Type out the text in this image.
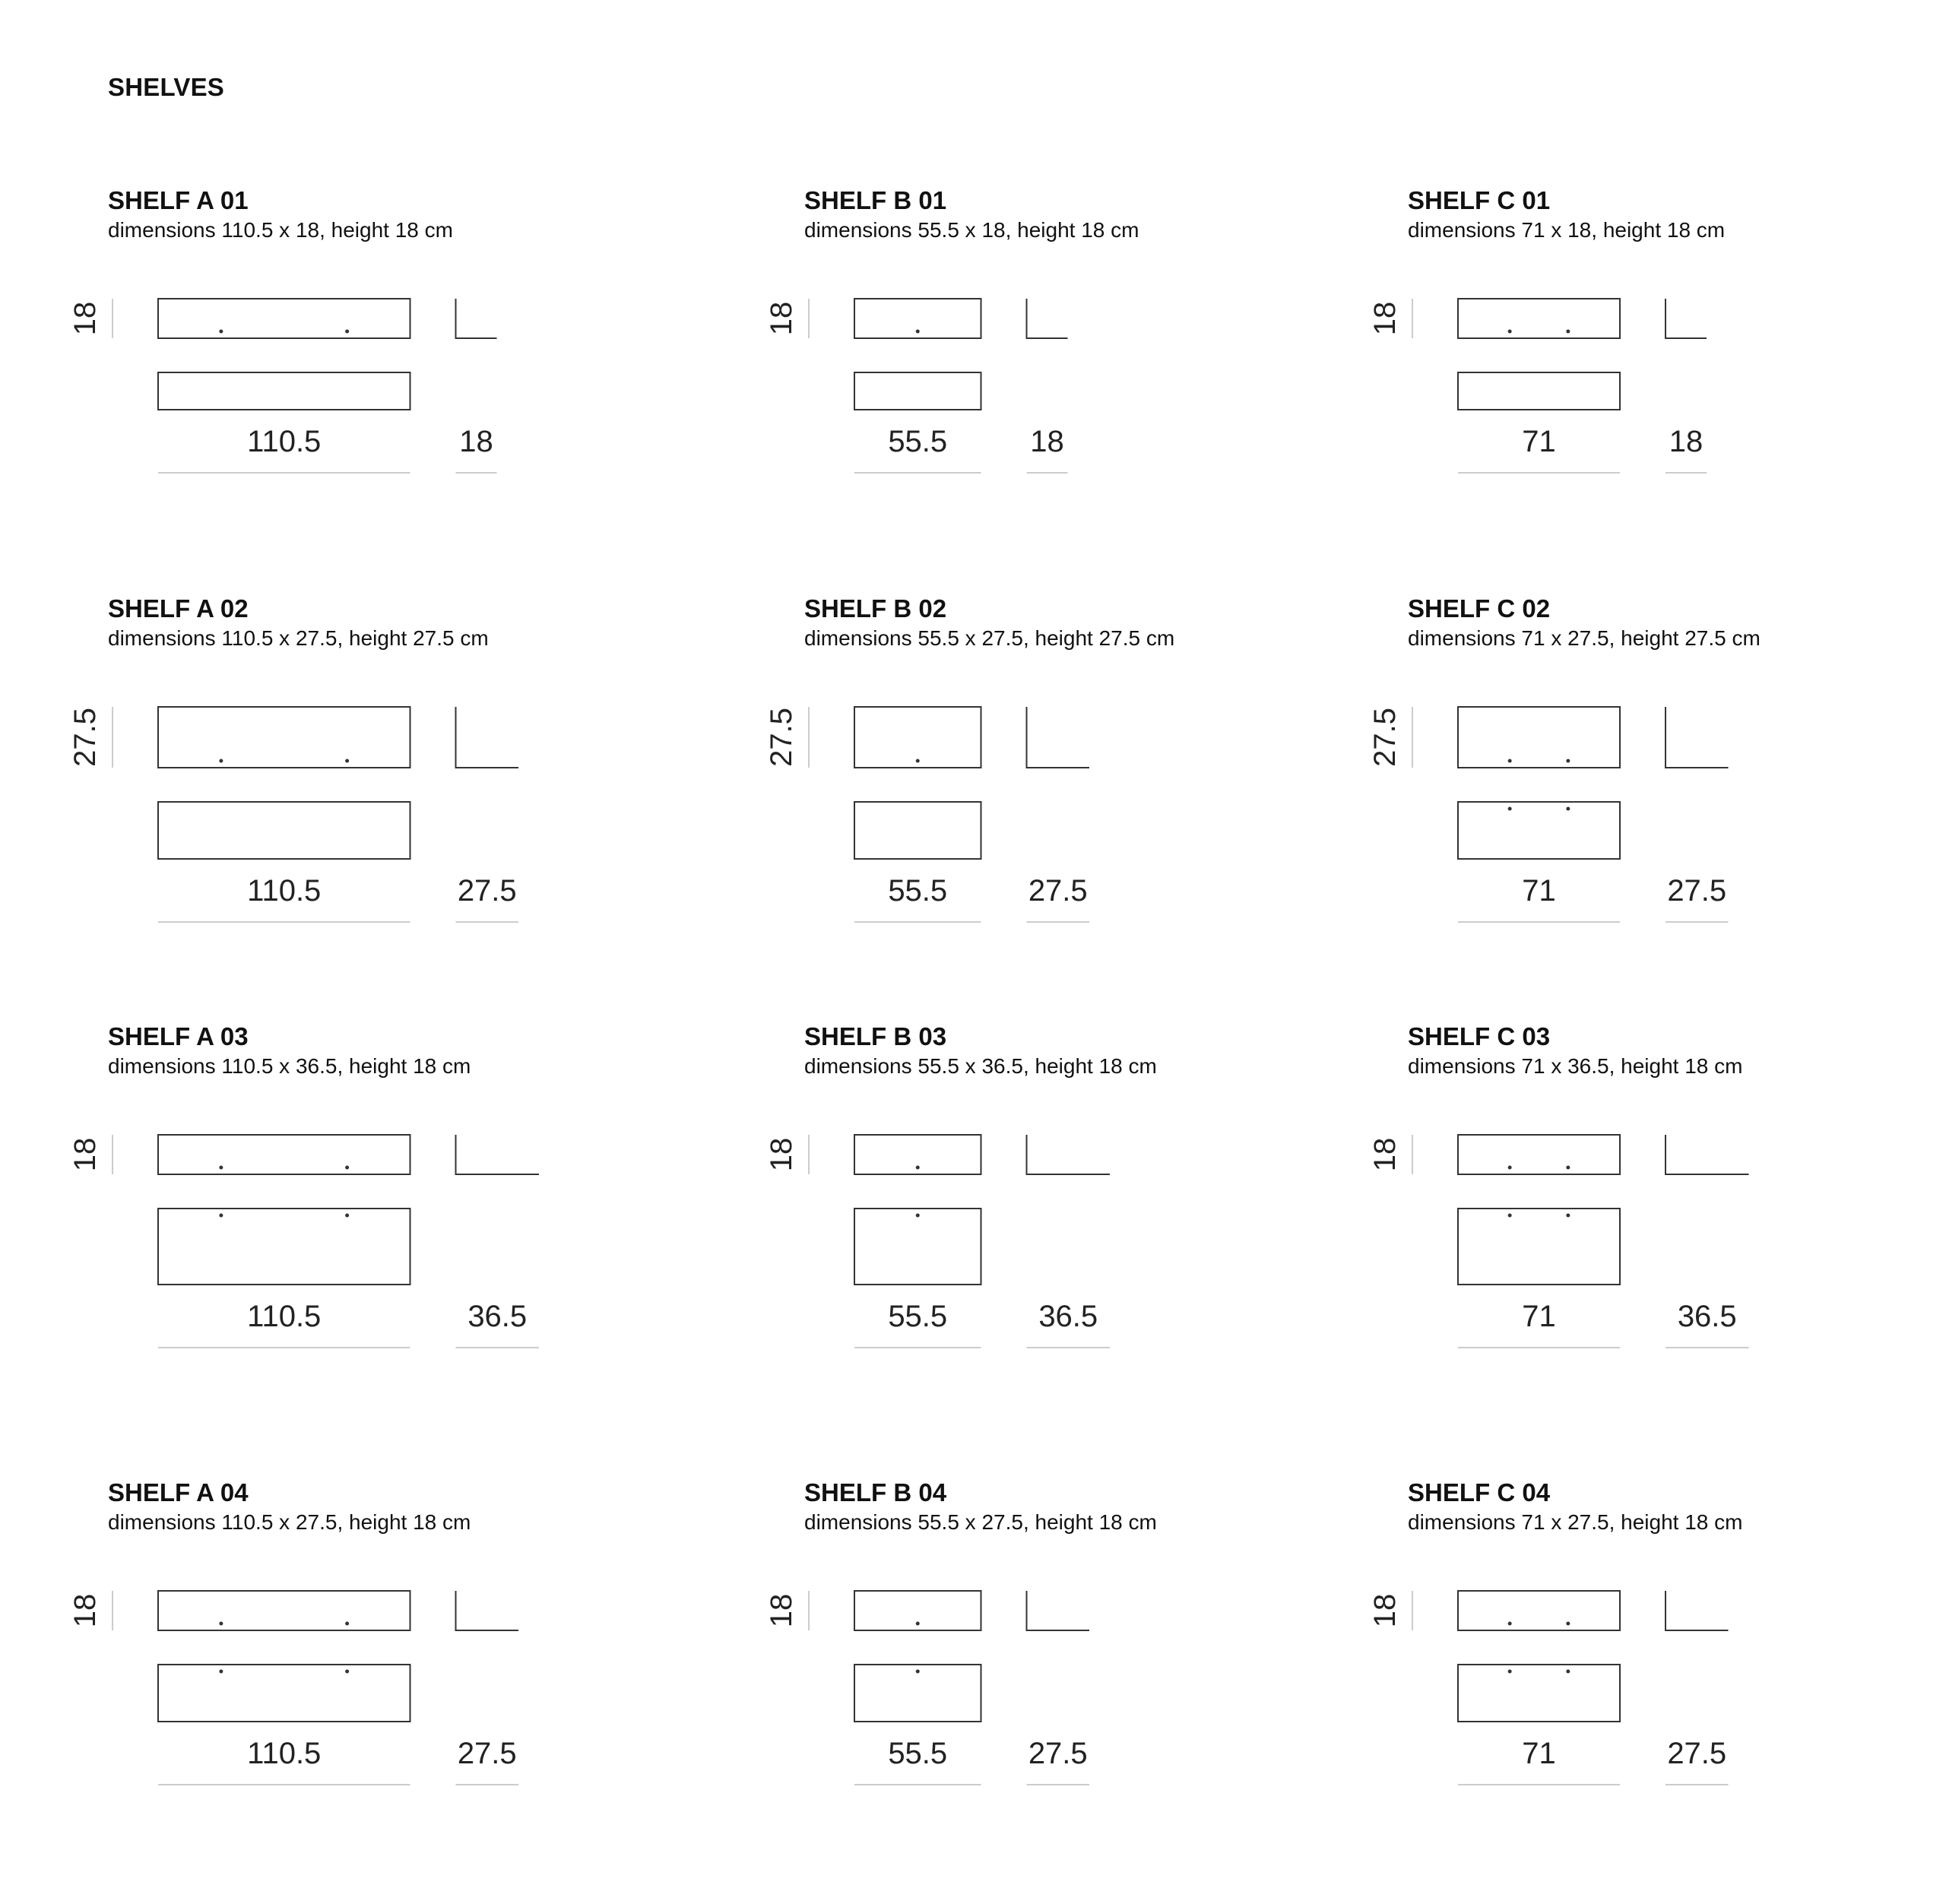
SHELVES
SHELF A 01
dimensions 110.5 x 18, height 18 cm
18
110.5	18
SHELF B 01
dimensions 55.5 x 18, height 18 cm
18
55.5	18
SHELF C 01
dimensions 71 x 18, height 18 cm
18
71	18
SHELF A 02
dimensions 110.5 x 27.5, height 27.5 cm
27.5
110.5	27.5
SHELF B 02
dimensions 55.5 x 27.5, height 27.5 cm
27.5
55.5	27.5
SHELF C 02
dimensions 71 x 27.5, height 27.5 cm
27.5
71	27.5
SHELF A 03
dimensions 110.5 x 36.5, height 18 cm
18
110.5	36.5
SHELF B 03
dimensions 55.5 x 36.5, height 18 cm
18
55.5	36.5
SHELF C 03
dimensions 71 x 36.5, height 18 cm
18
71	36.5
SHELF A 04
dimensions 110.5 x 27.5, height 18 cm
18
110.5	27.5
SHELF B 04
dimensions 55.5 x 27.5, height 18 cm
18
55.5	27.5
SHELF C 04
dimensions 71 x 27.5, height 18 cm
18
71	27.5
